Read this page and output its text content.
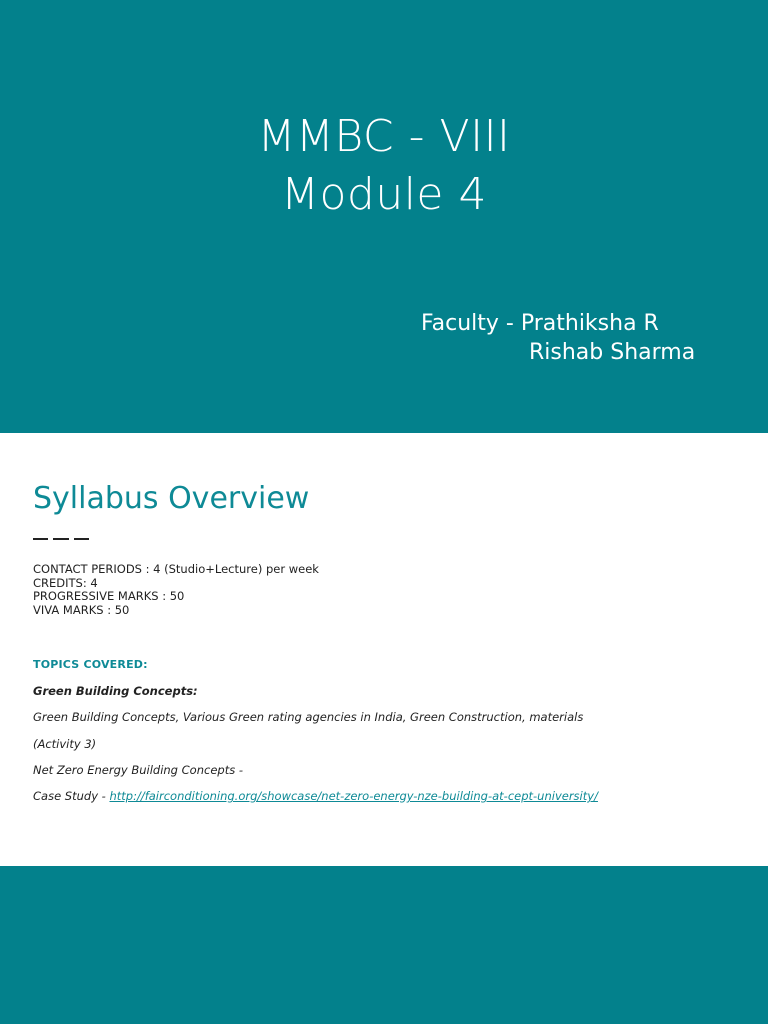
MMBC - VIII
Module 4
Faculty - Prathiksha R
Rishab Sharma
Syllabus Overview
CONTACT PERIODS : 4 (Studio+Lecture) per week
CREDITS: 4
PROGRESSIVE MARKS : 50
VIVA MARKS : 50
TOPICS COVERED:
Green Building Concepts:
Green Building Concepts, Various Green rating agencies in India, Green Construction, materials
(Activity 3)
Net Zero Energy Building Concepts -
Case Study - http://fairconditioning.org/showcase/net-zero-energy-nze-building-at-cept-university/
